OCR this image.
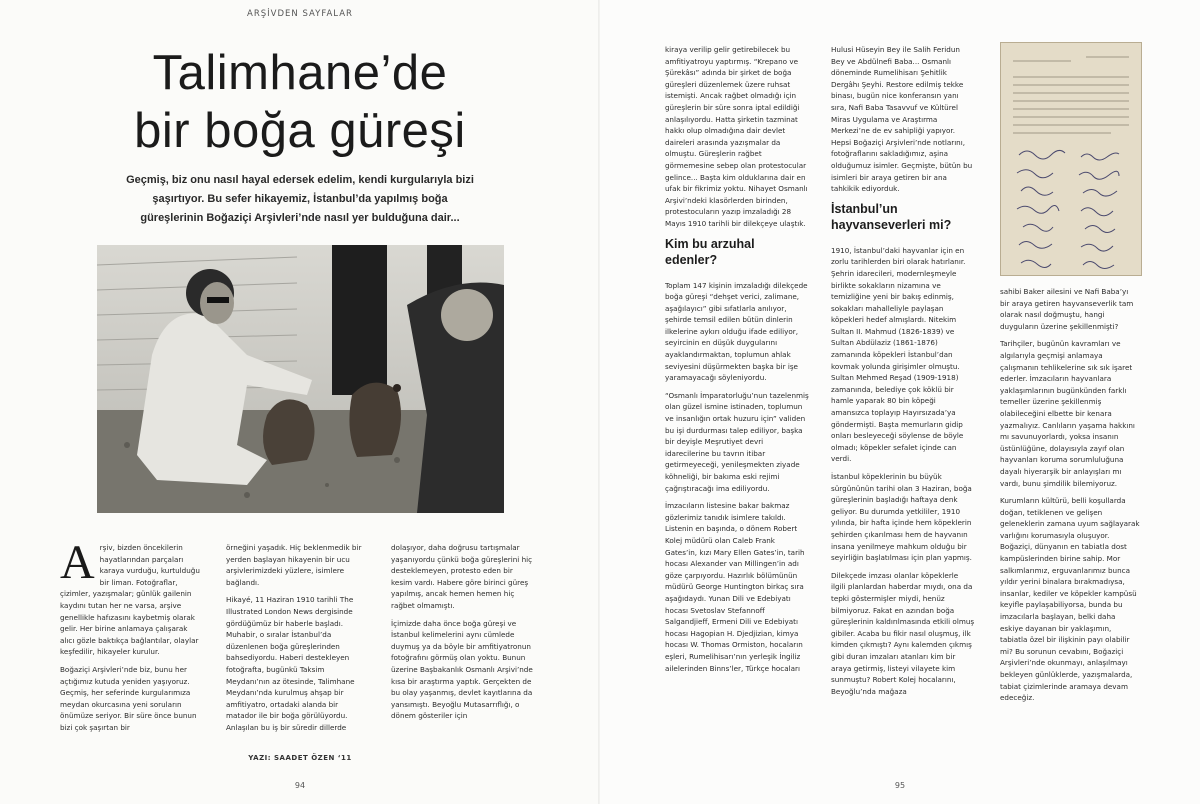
ARŞİVDEN SAYFALAR
Talimhane’de
bir boğa güreşi
Geçmiş, biz onu nasıl hayal edersek edelim, kendi kurgularıyla bizi şaşırtıyor. Bu sefer hikayemiz, İstanbul’da yapılmış boğa güreşlerinin Boğaziçi Arşivleri’nde nasıl yer bulduğuna dair...

Arşiv, bizden öncekilerin hayatlarından parçaları karaya vurduğu, kurtulduğu bir liman. Fotoğraflar, çizimler, yazışmalar; günlük gailenin kaydını tutan her ne varsa, arşive genellikle hafızasını kaybetmiş olarak gelir. Her birine anlamaya çalışarak alıcı gözle baktıkça bağlantılar, olaylar keşfedilir, hikayeler kurulur.

Boğaziçi Arşivleri’nde biz, bunu her açtığımız kutuda yeniden yaşıyoruz. Geçmiş, her seferinde kurgularımıza meydan okurcasına yeni soruların önümüze seriyor. Bir süre önce bunun bizi çok şaşırtan bir

örneğini yaşadık. Hiç beklenmedik bir yerden başlayan hikayenin bir ucu arşivlerimizdeki yüzlere, isimlere bağlandı.

Hikayé, 11 Haziran 1910 tarihli The Illustrated London News dergisinde gördüğümüz bir haberle başladı. Muhabir, o sıralar İstanbul’da düzenlenen boğa güreşlerinden bahsediyordu. Haberi destekleyen fotoğrafta, bugünkü Taksim Meydanı’nın az ötesinde, Talimhane Meydanı’nda kurulmuş ahşap bir amfitiyatro, ortadaki alanda bir matador ile bir boğa görülüyordu. Anlaşılan bu iş bir süredir dillerde

dolaşıyor, daha doğrusu tartışmalar yaşanıyordu çünkü boğa güreşlerini hiç desteklemeyen, protesto eden bir kesim vardı. Habere göre birinci güreş yapılmış, ancak hemen hemen hiç rağbet olmamıştı.

İçimizde daha önce boğa güreşi ve İstanbul kelimelerini aynı cümlede duymuş ya da böyle bir amfitiyatronun fotoğrafını görmüş olan yoktu. Bunun üzerine Başbakanlık Osmanlı Arşivi’nde kısa bir araştırma yaptık. Gerçekten de bu olay yaşanmış, devlet kayıtlarına da yansımıştı. Beyoğlu Mutasarrıflığı, o dönem gösteriler için

YAZI: SAADET ÖZEN ‘11
94	95

kiraya verilip gelir getirebilecek bu amfitiyatroyu yaptırmış. “Krepano ve Şürekâsı” adında bir şirket de boğa güreşleri düzenlemek üzere ruhsat istemişti. Ancak rağbet olmadığı için güreşlerin bir süre sonra iptal edildiği anlaşılıyordu. Hatta şirketin tazminat hakkı olup olmadığına dair devlet daireleri arasında yazışmalar da olmuştu. Güreşlerin rağbet görmemesine sebep olan protestocular gelince... Başta kim olduklarına dair en ufak bir fikrimiz yoktu. Nihayet Osmanlı Arşivi’ndeki klasörlerden birinden, protestocuların yazıp imzaladığı 28 Mayıs 1910 tarihli bir dilekçeye ulaştık.

Kim bu arzuhal edenler?

Toplam 147 kişinin imzaladığı dilekçede boğa güreşi “dehşet verici, zalimane, aşağılayıcı” gibi sıfatlarla anılıyor, şehirde temsil edilen bütün dinlerin ilkelerine aykırı olduğu ifade ediliyor, seyircinin en düşük duygularını ayaklandırmaktan, toplumun ahlak seviyesini düşürmekten başka bir işe yaramayacağı söyleniyordu.

“Osmanlı İmparatorluğu’nun tazelenmiş olan güzel ismine istinaden, toplumun ve insanlığın ortak huzuru için” validen bu işi durdurması talep ediliyor, başka bir deyişle Meşrutiyet devri idarecilerine bu tavrın itibar getirmeyeceği, yenileşmekten ziyade köhneliği, bir bakıma eski rejimi çağrıştıracağı ima ediliyordu.

İmzacıların listesine bakar bakmaz gözlerimiz tanıdık isimlere takıldı. Listenin en başında, o dönem Robert Kolej müdürü olan Caleb Frank Gates’in, kızı Mary Ellen Gates’in, tarih hocası Alexander van Millingen’in adı göze çarpıyordu. Hazırlık bölümünün müdürü George Huntington birkaç sıra aşağıdaydı. Yunan Dili ve Edebiyatı hocası Svetoslav Stefannoff Salgandjieff, Ermeni Dili ve Edebiyatı hocası Hagopian H. Djedjizian, kimya hocası W. Thomas Ormiston, hocaların eşleri, Rumelihisarı’nın yerleşik İngiliz ailelerinden Binns’ler, Türkçe hocaları

Hulusi Hüseyin Bey ile Salih Feridun Bey ve Abdülnefi Baba... Osmanlı döneminde Rumelihisarı Şehitlik Dergâhı Şeyhi. Restore edilmiş tekke binası, bugün nice konferansın yanı sıra, Nafi Baba Tasavvuf ve Kültürel Miras Uygulama ve Araştırma Merkezi’ne de ev sahipliği yapıyor. Hepsi Boğaziçi Arşivleri’nde notlarını, fotoğraflarını sakladığımız, aşina olduğumuz isimler. Geçmişte, bütün bu isimleri bir araya getiren bir ana tahkikik ediyorduk.

İstanbul’un hayvanseverleri mi?

1910, İstanbul’daki hayvanlar için en zorlu tarihlerden biri olarak hatırlanır. Şehrin idarecileri, modernleşmeyle birlikte sokakların nizamına ve temizliğine yeni bir bakış edinmiş, sokakları mahalleliyle paylaşan köpekleri hedef almışlardı. Nitekim Sultan II. Mahmud (1826-1839) ve Sultan Abdülaziz (1861-1876) zamanında köpekleri İstanbul’dan kovmak yolunda girişimler olmuştu. Sultan Mehmed Reşad (1909-1918) zamanında, belediye çok köklü bir hamle yaparak 80 bin köpeği amansızca toplayıp Hayırsızada’ya göndermişti. Başta memurların gidip onları besleyeceği söylense de böyle olmadı; köpekler sefalet içinde can verdi.

İstanbul köpeklerinin bu büyük sürgününün tarihi olan 3 Haziran, boğa güreşlerinin başladığı haftaya denk geliyor. Bu durumda yetkililer, 1910 yılında, bir hafta içinde hem köpeklerin şehirden çıkarılması hem de hayvanın insana yenilmeye mahkum olduğu bir seyirliğin başlatılması için plan yapmış.

Dilekçede imzası olanlar köpeklerle ilgili planlardan haberdar mıydı, ona da tepki göstermişler miydi, henüz bilmiyoruz. Fakat en azından boğa güreşlerinin kaldırılmasında etkili olmuş gibiler. Acaba bu fikir nasıl oluşmuş, ilk kimden çıkmıştı? Aynı kalemden çıkmış gibi duran imzaları atanları kim bir araya getirmiş, listeyi vilayete kim sunmuştu? Robert Kolej hocalarını, Beyoğlu’nda mağaza

sahibi Baker ailesini ve Nafi Baba’yı bir araya getiren hayvanseverlik tam olarak nasıl doğmuştu, hangi duyguların üzerine şekillenmişti?

Tarihçiler, bugünün kavramları ve algılarıyla geçmişi anlamaya çalışmanın tehlikelerine sık sık işaret ederler. İmzacıların hayvanlara yaklaşımlarının bugünkünden farklı temeller üzerine şekillenmiş olabileceğini elbette bir kenara yazmalıyız. Canlıların yaşama hakkını mı savunuyorlardı, yoksa insanın üstünlüğüne, dolayısıyla zayıf olan hayvanları koruma sorumluluğuna dayalı hiyerarşik bir anlayışları mı vardı, bunu şimdilik bilemiyoruz.

Kurumların kültürü, belli koşullarda doğan, tetiklenen ve gelişen geleneklerin zamana uyum sağlayarak varlığını korumasıyla oluşuyor. Boğaziçi, dünyanın en tabiatla dost kampüslerinden birine sahip. Mor salkımlarımız, erguvanlarımız bunca yıldır yerini binalara bırakmadıysa, insanlar, kediler ve köpekler kampüsü keyifle paylaşabiliyorsa, bunda bu imzacılarla başlayan, belki daha eskiye dayanan bir yaklaşımın, tabiatla özel bir ilişkinin payı olabilir mi? Bu sorunun cevabını, Boğaziçi Arşivleri’nde okunmayı, anlaşılmayı bekleyen günlüklerde, yazışmalarda, tabiat çizimlerinde aramaya devam edeceğiz.
